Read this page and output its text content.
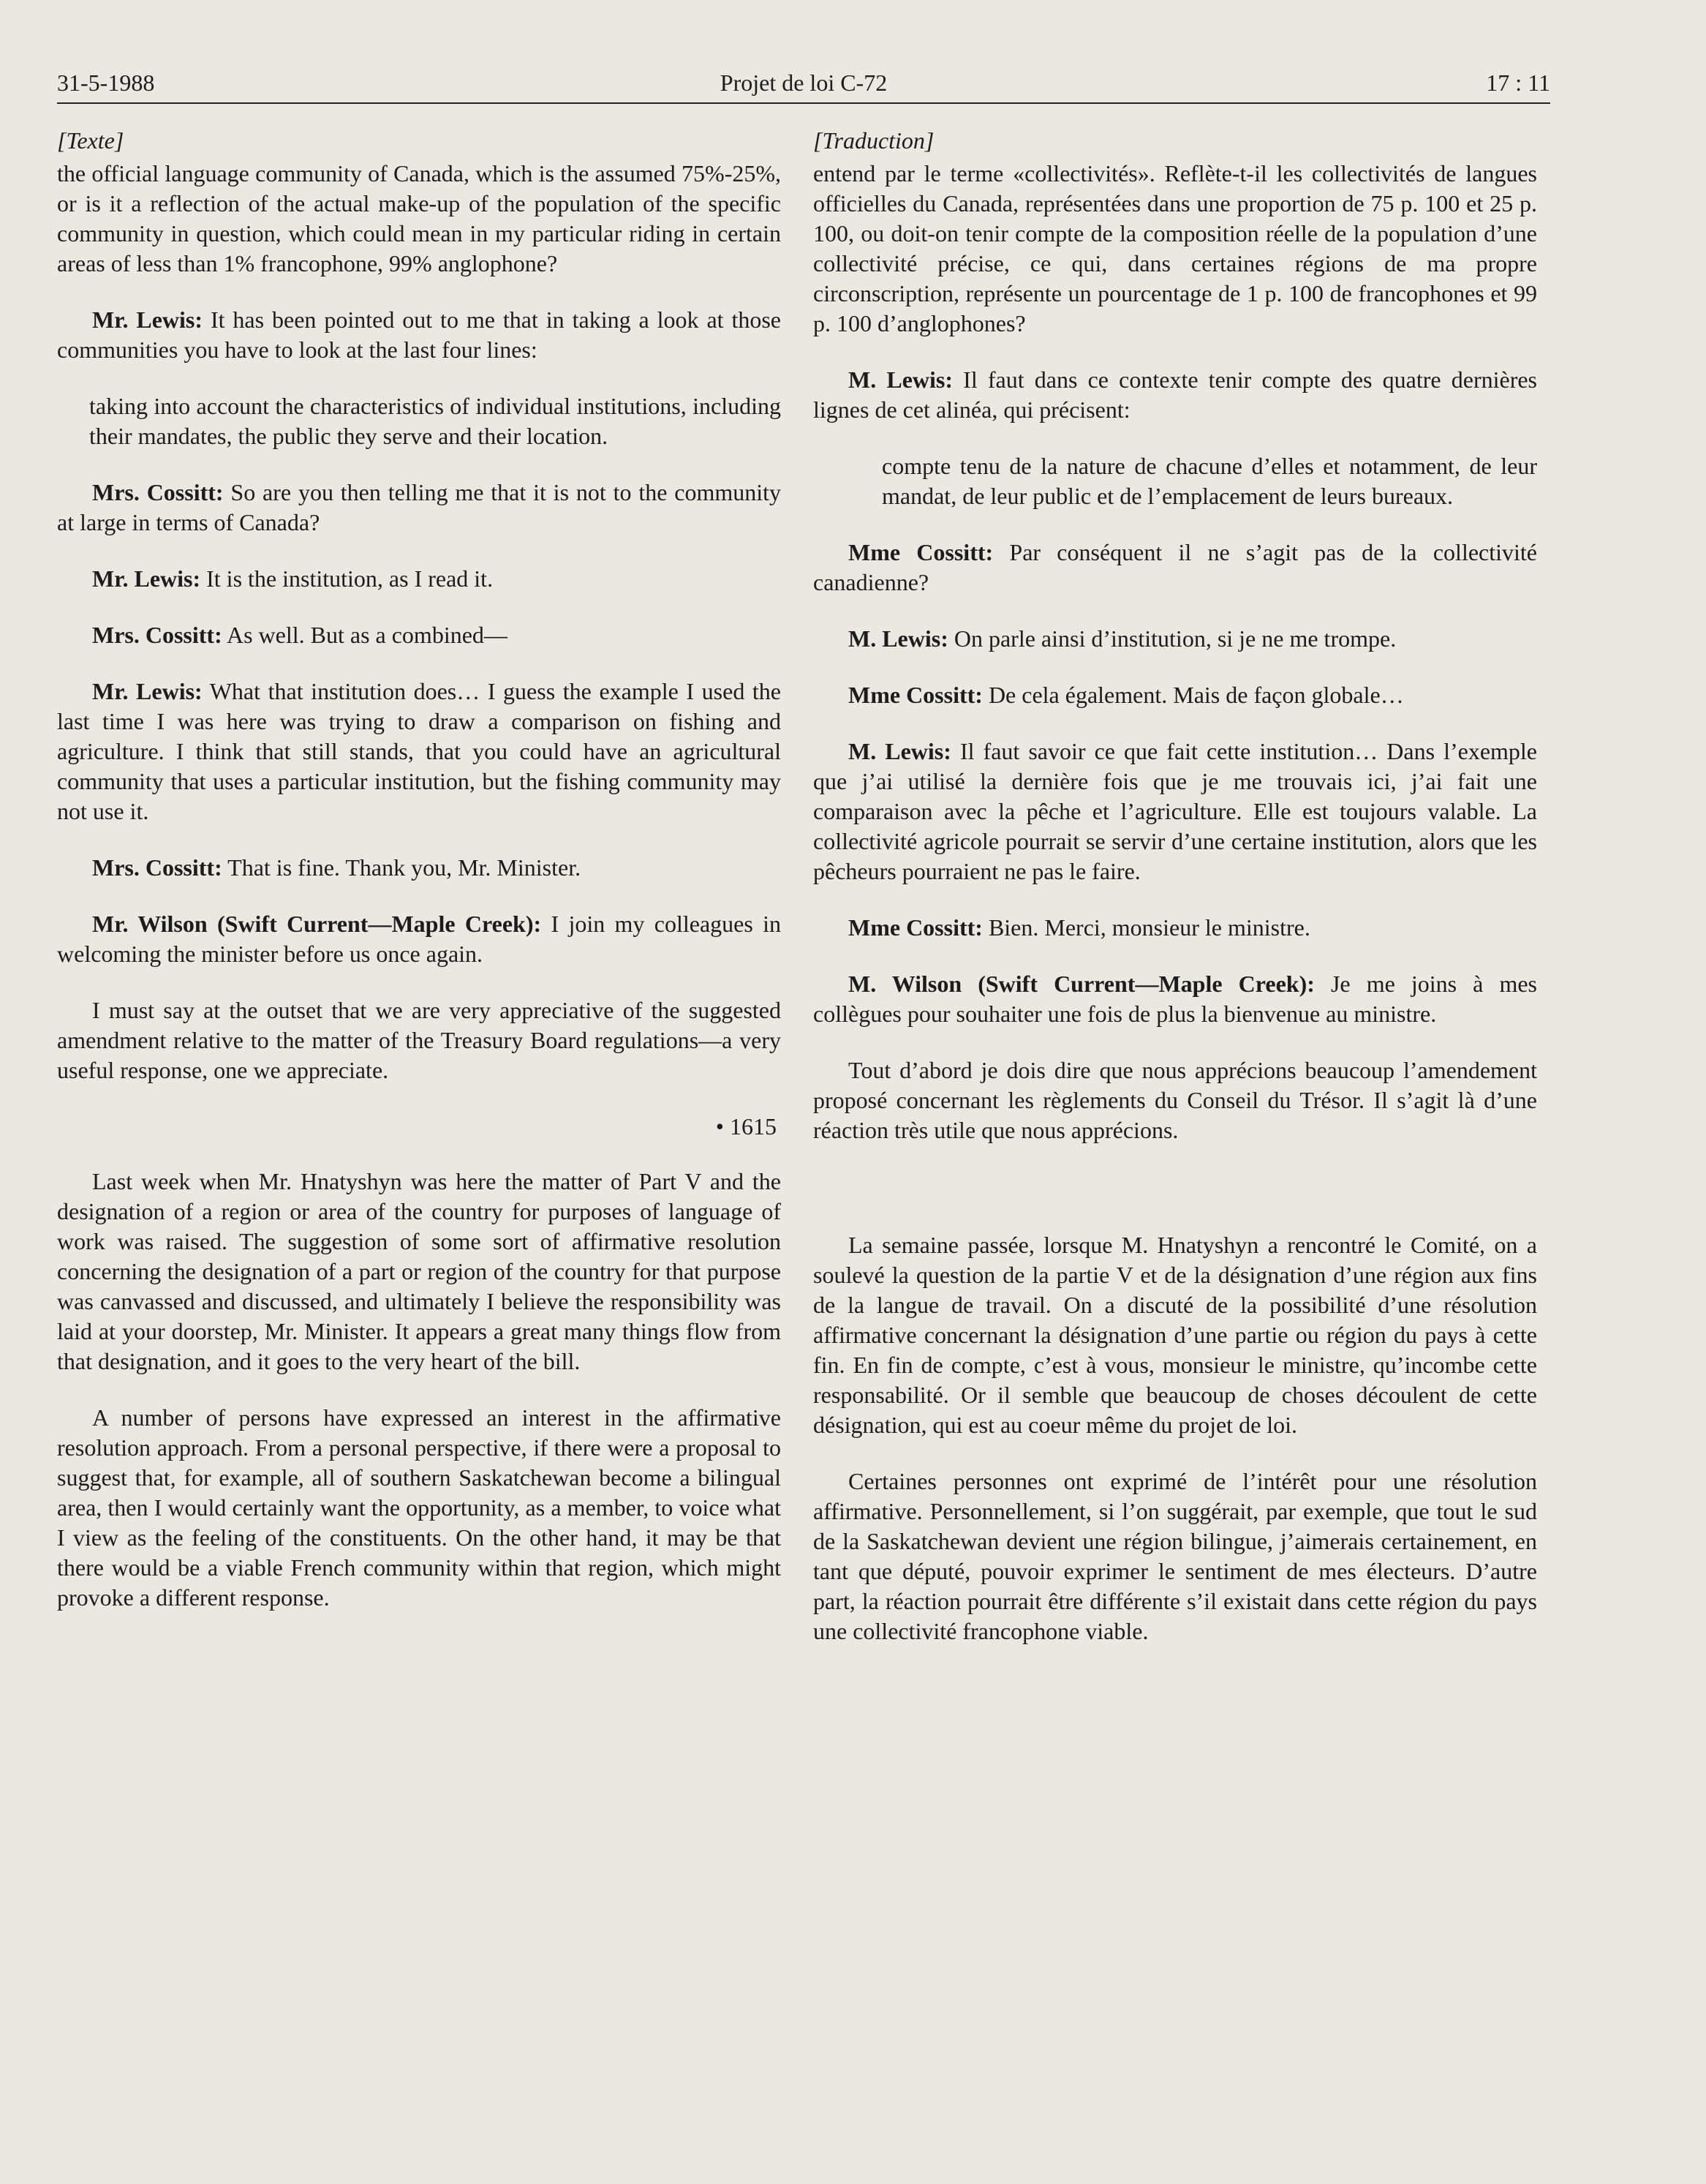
31-5-1988	Projet de loi C-72	17 : 11

[Texte]

the official language community of Canada, which is the assumed 75%-25%, or is it a reflection of the actual make-up of the population of the specific community in question, which could mean in my particular riding in certain areas of less than 1% francophone, 99% anglophone?

Mr. Lewis: It has been pointed out to me that in taking a look at those communities you have to look at the last four lines:

taking into account the characteristics of individual institutions, including their mandates, the public they serve and their location.

Mrs. Cossitt: So are you then telling me that it is not to the community at large in terms of Canada?

Mr. Lewis: It is the institution, as I read it.

Mrs. Cossitt: As well. But as a combined—

Mr. Lewis: What that institution does… I guess the example I used the last time I was here was trying to draw a comparison on fishing and agriculture. I think that still stands, that you could have an agricultural community that uses a particular institution, but the fishing community may not use it.

Mrs. Cossitt: That is fine. Thank you, Mr. Minister.

Mr. Wilson (Swift Current—Maple Creek): I join my colleagues in welcoming the minister before us once again.

I must say at the outset that we are very appreciative of the suggested amendment relative to the matter of the Treasury Board regulations—a very useful response, one we appreciate.

• 1615

Last week when Mr. Hnatyshyn was here the matter of Part V and the designation of a region or area of the country for purposes of language of work was raised. The suggestion of some sort of affirmative resolution concerning the designation of a part or region of the country for that purpose was canvassed and discussed, and ultimately I believe the responsibility was laid at your doorstep, Mr. Minister. It appears a great many things flow from that designation, and it goes to the very heart of the bill.

A number of persons have expressed an interest in the affirmative resolution approach. From a personal perspective, if there were a proposal to suggest that, for example, all of southern Saskatchewan become a bilingual area, then I would certainly want the opportunity, as a member, to voice what I view as the feeling of the constituents. On the other hand, it may be that there would be a viable French community within that region, which might provoke a different response.

[Traduction]

entend par le terme «collectivités». Reflète-t-il les collectivités de langues officielles du Canada, représentées dans une proportion de 75 p. 100 et 25 p. 100, ou doit-on tenir compte de la composition réelle de la population d’une collectivité précise, ce qui, dans certaines régions de ma propre circonscription, représente un pourcentage de 1 p. 100 de francophones et 99 p. 100 d’anglophones?

M. Lewis: Il faut dans ce contexte tenir compte des quatre dernières lignes de cet alinéa, qui précisent:

compte tenu de la nature de chacune d’elles et notamment, de leur mandat, de leur public et de l’emplacement de leurs bureaux.

Mme Cossitt: Par conséquent il ne s’agit pas de la collectivité canadienne?

M. Lewis: On parle ainsi d’institution, si je ne me trompe.

Mme Cossitt: De cela également. Mais de façon globale…

M. Lewis: Il faut savoir ce que fait cette institution… Dans l’exemple que j’ai utilisé la dernière fois que je me trouvais ici, j’ai fait une comparaison avec la pêche et l’agriculture. Elle est toujours valable. La collectivité agricole pourrait se servir d’une certaine institution, alors que les pêcheurs pourraient ne pas le faire.

Mme Cossitt: Bien. Merci, monsieur le ministre.

M. Wilson (Swift Current—Maple Creek): Je me joins à mes collègues pour souhaiter une fois de plus la bienvenue au ministre.

Tout d’abord je dois dire que nous apprécions beaucoup l’amendement proposé concernant les règlements du Conseil du Trésor. Il s’agit là d’une réaction très utile que nous apprécions.

La semaine passée, lorsque M. Hnatyshyn a rencontré le Comité, on a soulevé la question de la partie V et de la désignation d’une région aux fins de la langue de travail. On a discuté de la possibilité d’une résolution affirmative concernant la désignation d’une partie ou région du pays à cette fin. En fin de compte, c’est à vous, monsieur le ministre, qu’incombe cette responsabilité. Or il semble que beaucoup de choses découlent de cette désignation, qui est au coeur même du projet de loi.

Certaines personnes ont exprimé de l’intérêt pour une résolution affirmative. Personnellement, si l’on suggérait, par exemple, que tout le sud de la Saskatchewan devient une région bilingue, j’aimerais certainement, en tant que député, pouvoir exprimer le sentiment de mes électeurs. D’autre part, la réaction pourrait être différente s’il existait dans cette région du pays une collectivité francophone viable.
